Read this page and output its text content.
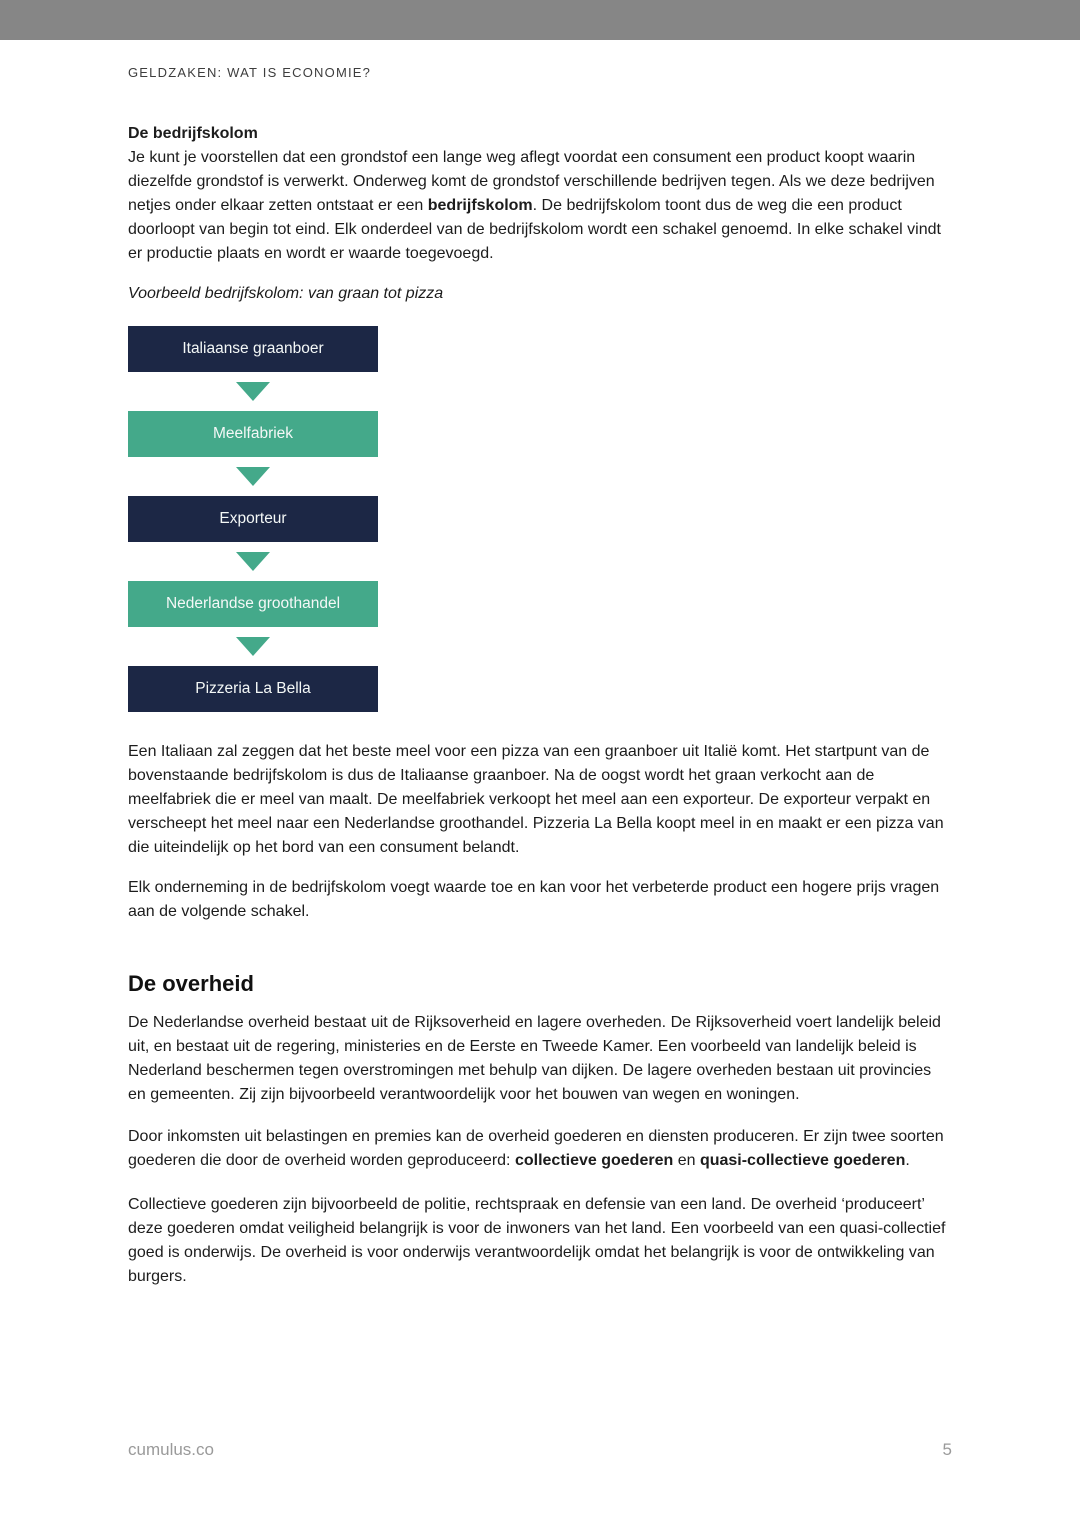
GELDZAKEN: WAT IS ECONOMIE?
De bedrijfskolom

Je kunt je voorstellen dat een grondstof een lange weg aflegt voordat een consument een product koopt waarin diezelfde grondstof is verwerkt. Onderweg komt de grondstof verschillende bedrijven tegen. Als we deze bedrijven netjes onder elkaar zetten ontstaat er een bedrijfskolom. De bedrijfskolom toont dus de weg die een product doorloopt van begin tot eind. Elk onderdeel van de bedrijfskolom wordt een schakel genoemd. In elke schakel vindt er productie plaats en wordt er waarde toegevoegd.

Voorbeeld bedrijfskolom: van graan tot pizza
Italiaanse graanboer
Meelfabriek
Exporteur
Nederlandse groothandel
Pizzeria La Bella

Een Italiaan zal zeggen dat het beste meel voor een pizza van een graanboer uit Italië komt. Het startpunt van de bovenstaande bedrijfskolom is dus de Italiaanse graanboer. Na de oogst wordt het graan verkocht aan de meelfabriek die er meel van maalt. De meelfabriek verkoopt het meel aan een exporteur. De exporteur verpakt en verscheept het meel naar een Nederlandse groothandel. Pizzeria La Bella koopt meel in en maakt er een pizza van die uiteindelijk op het bord van een consument belandt.

Elk onderneming in de bedrijfskolom voegt waarde toe en kan voor het verbeterde product een hogere prijs vragen aan de volgende schakel.

De overheid

De Nederlandse overheid bestaat uit de Rijksoverheid en lagere overheden. De Rijksoverheid voert landelijk beleid uit, en bestaat uit de regering, ministeries en de Eerste en Tweede Kamer. Een voorbeeld van landelijk beleid is Nederland beschermen tegen overstromingen met behulp van dijken. De lagere overheden bestaan uit provincies en gemeenten. Zij zijn bijvoorbeeld verantwoordelijk voor het bouwen van wegen en woningen.

Door inkomsten uit belastingen en premies kan de overheid goederen en diensten produceren. Er zijn twee soorten goederen die door de overheid worden geproduceerd: collectieve goederen en quasi-collectieve goederen.

Collectieve goederen zijn bijvoorbeeld de politie, rechtspraak en defensie van een land. De overheid ‘produceert’ deze goederen omdat veiligheid belangrijk is voor de inwoners van het land. Een voorbeeld van een quasi-collectief goed is onderwijs. De overheid is voor onderwijs verantwoordelijk omdat het belangrijk is voor de ontwikkeling van burgers.

cumulus.co	5
